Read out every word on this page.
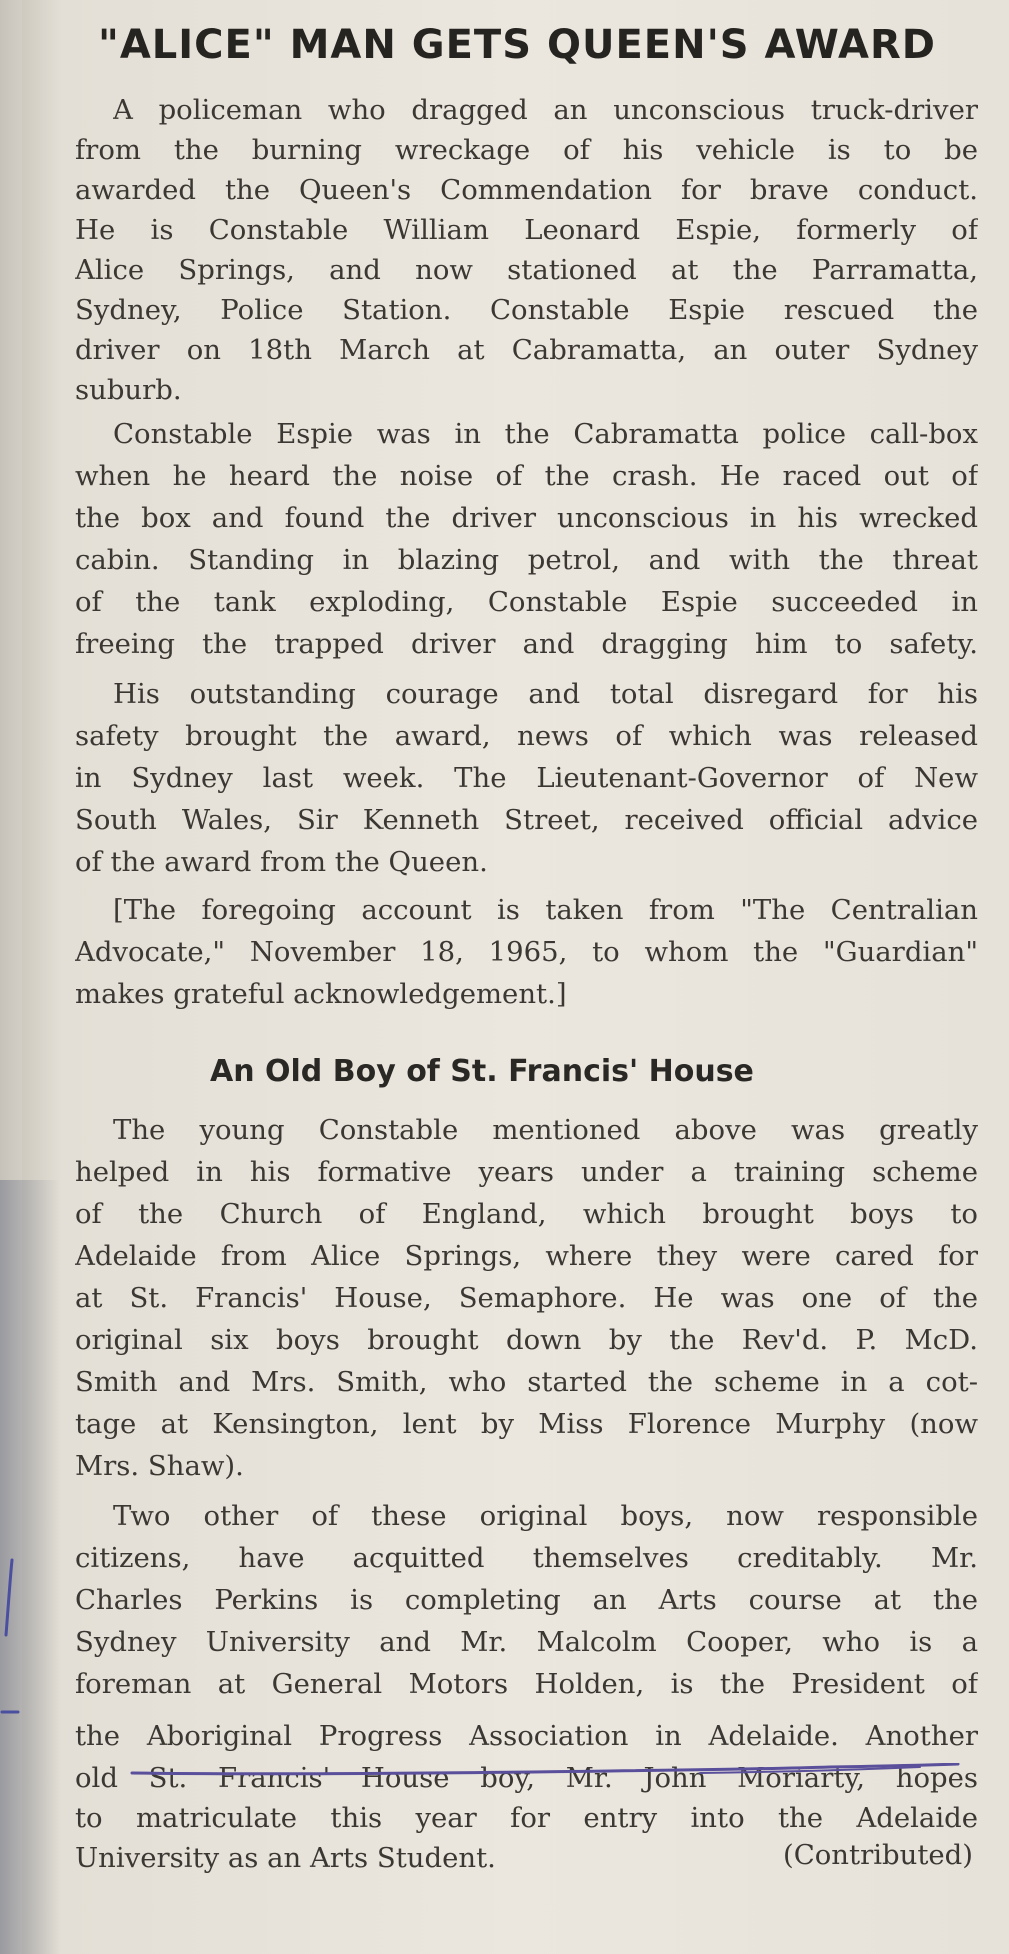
"ALICE" MAN GETS QUEEN'S AWARD
A policeman who dragged an unconscious truck-driver
from the burning wreckage of his vehicle is to be
awarded the Queen's Commendation for brave conduct.
He is Constable William Leonard Espie, formerly of
Alice Springs, and now stationed at the Parramatta,
Sydney, Police Station. Constable Espie rescued the
driver on 18th March at Cabramatta, an outer Sydney
suburb.
Constable Espie was in the Cabramatta police call-box
when he heard the noise of the crash. He raced out of
the box and found the driver unconscious in his wrecked
cabin. Standing in blazing petrol, and with the threat
of the tank exploding, Constable Espie succeeded in
freeing the trapped driver and dragging him to safety.
His outstanding courage and total disregard for his
safety brought the award, news of which was released
in Sydney last week. The Lieutenant-Governor of New
South Wales, Sir Kenneth Street, received official advice
of the award from the Queen.
[The foregoing account is taken from "The Centralian
Advocate," November 18, 1965, to whom the "Guardian"
makes grateful acknowledgement.]
An Old Boy of St. Francis' House
The young Constable mentioned above was greatly
helped in his formative years under a training scheme
of the Church of England, which brought boys to
Adelaide from Alice Springs, where they were cared for
at St. Francis' House, Semaphore. He was one of the
original six boys brought down by the Rev'd. P. McD.
Smith and Mrs. Smith, who started the scheme in a cot-
tage at Kensington, lent by Miss Florence Murphy (now
Mrs. Shaw).
Two other of these original boys, now responsible
citizens, have acquitted themselves creditably. Mr.
Charles Perkins is completing an Arts course at the
Sydney University and Mr. Malcolm Cooper, who is a
foreman at General Motors Holden, is the President of
the Aboriginal Progress Association in Adelaide. Another
old St. Francis' House boy, Mr. John Moriarty, hopes
to matriculate this year for entry into the Adelaide
University as an Arts Student.	(Contributed)
